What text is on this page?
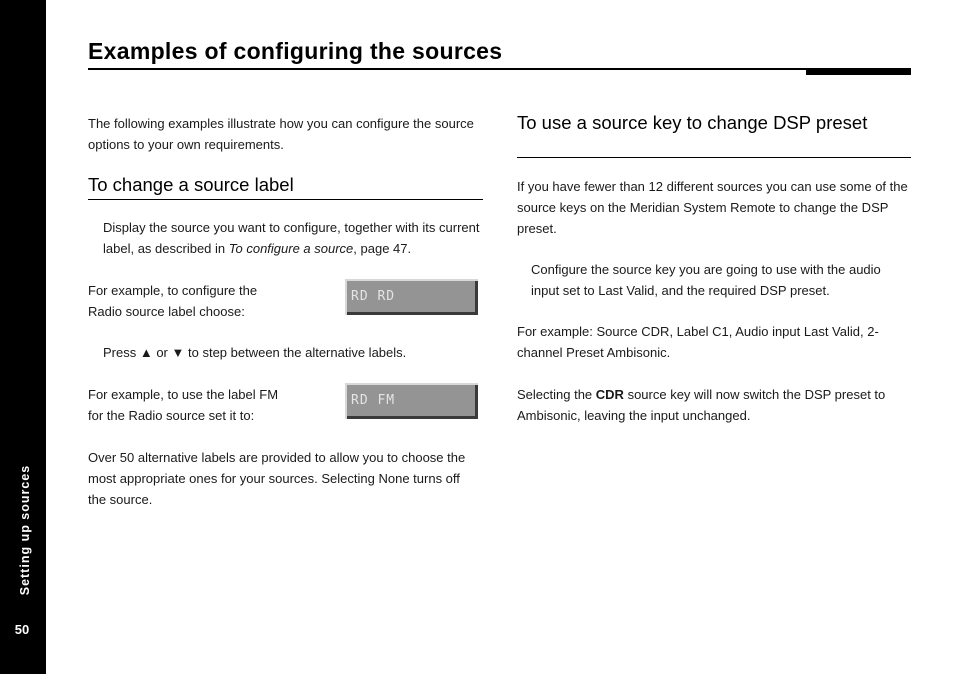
Setting up sources
50
Examples of configuring the sources

The following examples illustrate how you can configure the source options to your own requirements.

To change a source label

Display the source you want to configure, together with its current label, as described in To configure a source, page 47.

For example, to configure the Radio source label choose:

RD RD

Press ▲ or ▼ to step between the alternative labels.

For example, to use the label FM for the Radio source set it to:

RD FM

Over 50 alternative labels are provided to allow you to choose the most appropriate ones for your sources. Selecting None turns off the source.

To use a source key to change DSP preset

If you have fewer than 12 different sources you can use some of the source keys on the Meridian System Remote to change the DSP preset.

Configure the source key you are going to use with the audio input set to Last Valid, and the required DSP preset.

For example: Source CDR, Label C1, Audio input Last Valid, 2-channel Preset Ambisonic.

Selecting the CDR source key will now switch the DSP preset to Ambisonic, leaving the input unchanged.
